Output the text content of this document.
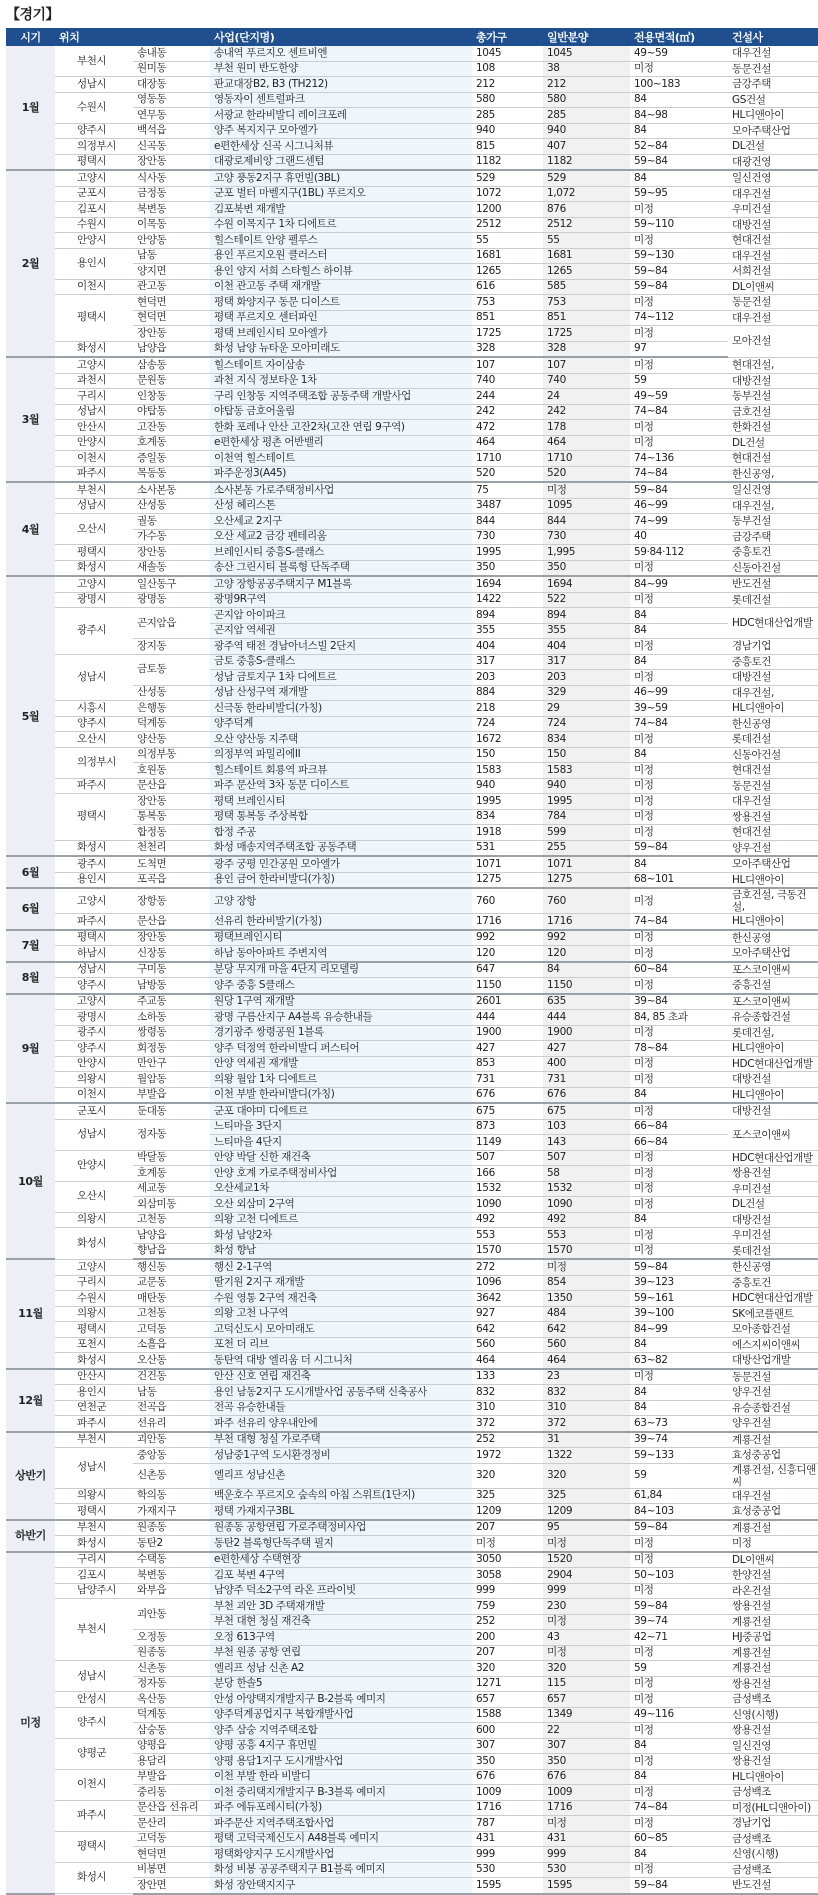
【경기】
시기	위치		사업(단지명)	총가구	일반분양	전용면적(㎡)	건설사
1월	부천시	송내동	송내역 푸르지오 센트비엔	1045	1045	49~59	대우건설
		원미동	부천 원미 반도한양	108	38	미정	동문건설
	성남시	대장동	판교대장B2, B3 (TH212)	212	212	100~183	금강주택
	수원시	영동동	영동자이 센트럴파크	580	580	84	GS건설
		연무동	서광교 한라비발디 레이크포레	285	285	84~98	HL디앤아이
	양주시	백석읍	양주 복지지구 모아엘가	940	940	84	모아주택산업
	의정부시	신곡동	e편한세상 신곡 시그니처뷰	815	407	52~84	DL건설
	평택시	장안동	대광로제비앙 그랜드센텀	1182	1182	59~84	대광건영
2월	고양시	식사동	고양 풍동2지구 휴먼빌(3BL)	529	529	84	일신건영
	군포시	금정동	군포 벌터 마벨지구(1BL) 푸르지오	1072	1,072	59~95	대우건설
	김포시	북변동	김포북변 재개발	1200	876	미정	우미건설
	수원시	이목동	수원 이목지구 1차 디에트르	2512	2512	59~110	대방건설
	안양시	안양동	힐스테이트 안양 펠루스	55	55	미정	현대건설
	용인시	남동	용인 푸르지오원 클러스터	1681	1681	59~130	대우건설
		양지면	용인 양지 서희 스타힐스 하이뷰	1265	1265	59~84	서희건설
	이천시	관고동	이천 관고동 주택 재개발	616	585	59~84	DL이앤씨
	평택시	현덕면	평택 화양지구 동문 디이스트	753	753	미정	동문건설
		현덕면	평택 푸르지오 센터파인	851	851	74~112	대우건설
		장안동	평택 브레인시티 모아엘가	1725	1725	미정	모아건설
	화성시	남양읍	화성 남양 뉴타운 모아미래도	328	328	97	
3월	고양시	삼송동	힐스테이트 자이삼송	107	107	미정	현대건설,
	과천시	문원동	과천 지식 정보타운 1차	740	740	59	대방건설
	구리시	인창동	구리 인창동 지역주택조합 공동주택 개발사업	244	24	49~59	동부건설
	성남시	야탑동	야탑동 금호어울림	242	242	74~84	금호건설
	안산시	고잔동	한화 포레나 안산 고잔2차(고잔 연립 9구역)	472	178	미정	한화건설
	안양시	호계동	e편한세상 평촌 어반밸리	464	464	미정	DL건설
	이천시	증일동	이천역 힐스테이트	1710	1710	74~136	현대건설
	파주시	목동동	파주운정3(A45)	520	520	74~84	한신공영,
4월	부천시	소사본동	소사본동 가로주택정비사업	75	미정	59~84	일신건영
	성남시	산성동	산성 헤리스톤	3487	1095	46~99	대우건설,
	오산시	궐동	오산세교 2지구	844	844	74~99	동부건설
		가수동	오산 세교2 금강 펜테리움	730	730	40	금강주택
	평택시	장안동	브레인시티 중흥S-클래스	1995	1,995	59·84·112	중흥토건
	화성시	새솔동	송산 그린시티 블록형 단독주택	350	350	미정	신동아건설
5월	고양시	일산동구	고양 장항공공주택지구 M1블록	1694	1694	84~99	반도건설
	광명시	광명동	광명9R구역	1422	522	미정	롯데건설
	광주시	곤지암읍	곤지암 아이파크	894	894	84	HDC현대산업개발
			곤지암 역세권	355	355	84	
		장지동	광주역 태전 경남아너스빌 2단지	404	404	미정	경남기업
	성남시	금토동	금토 중흥S-클래스	317	317	84	중흥토건
			성남 금토지구 1차 디에트르	203	203	미정	대방건설
		산성동	성남 산성구역 재개발	884	329	46~99	대우건설,
	시흥시	은행동	신극동 한라비발디(가칭)	218	29	39~59	HL디앤아이
	양주시	덕계동	양주덕계	724	724	74~84	한신공영
	오산시	양산동	오산 양산동 지주택	1672	834	미정	롯데건설
	의정부시	의정부동	의정부역 파밀리에II	150	150	84	신동아건설
		호원동	힐스테이트 회룡역 파크뷰	1583	1583	미정	현대건설
	파주시	문산읍	파주 문산역 3차 동문 디이스트	940	940	미정	동문건설
	평택시	장안동	평택 브레인시티	1995	1995	미정	대우건설
		통복동	평택 통복동 주상복합	834	784	미정	쌍용건설
		합정동	합정 주공	1918	599	미정	현대건설
	화성시	천천리	화성 매송지역주택조합 공동주택	531	255	59~84	양우건설
6월	광주시	도척면	광주 궁평 민간공원 모아엘가	1071	1071	84	모아주택산업
	용인시	포곡읍	용인 금어 한라비발디(가칭)	1275	1275	68~101	HL디앤아이
6월	고양시	장항동	고양 장항	760	760	미정	금호건설, 극동건설,
	파주시	문산읍	선유리 한라비발기(가칭)	1716	1716	74~84	HL디앤아이
7월	평택시	장안동	평택브레인시티	992	992	미정	한신공영
	하남시	신장동	하남 동아아파트 주변지역	120	120	미정	모아주택산업
8월	성남시	구미동	분당 무지개 마을 4단지 리모델링	647	84	60~84	포스코이앤씨
	양주시	남방동	양주 중흥 S클래스	1150	1150	미정	중흥건설
9월	고양시	주교동	원당 1구역 재개발	2601	635	39~84	포스코이앤씨
	광명시	소하동	광명 구름산지구 A4블록 유승한내들	444	444	84, 85 초과	유승종합건설
	광주시	쌍령동	경기광주 쌍령공원 1블록	1900	1900	미정	롯데건설,
	양주시	회정동	양주 덕정역 한라비발디 퍼스티어	427	427	78~84	HL디앤아이
	안양시	만안구	안양 역세권 재개발	853	400	미정	HDC현대산업개발
	의왕시	월암동	의왕 월암 1차 디에트르	731	731	미정	대방건설
	이천시	부발읍	이천 부발 한라비발디(가칭)	676	676	84	HL디앤아이
10월	군포시	둔대동	군포 대야미 디에트르	675	675	미정	대방건설
	성남시	정자동	느티마을 3단지	873	103	66~84	포스코이앤씨
			느티마을 4단지	1149	143	66~84	
	안양시	박달동	안양 박달 신한 재건축	507	507	미정	HDC현대산업개발
		호계동	안양 호계 가로주택정비사업	166	58	미정	쌍용건설
	오산시	세교동	오산세교1차	1532	1532	미정	우미건설
		외삼미동	오산 외삼미 2구역	1090	1090	미정	DL건설
	의왕시	고천동	의왕 고천 디에트르	492	492	84	대방건설
	화성시	남양읍	화성 남양2차	553	553	미정	우미건설
		향남읍	화성 향남	1570	1570	미정	롯데건설
11월	고양시	행신동	행신 2-1구역	272	미정	59~84	한신공영
	구리시	교문동	딸기원 2지구 재개발	1096	854	39~123	중흥토건
	수원시	매탄동	수원 영통 2구역 재건축	3642	1350	59~161	HDC현대산업개발
	의왕시	고천동	의왕 고천 나구역	927	484	39~100	SK에코플랜트
	평택시	고덕동	고덕신도시 모아미래도	642	642	84~99	모아종합건설
	포천시	소흘읍	포천 더 리브	560	560	84	에스지씨이앤씨
	화성시	오산동	동탄역 대방 엘리움 더 시그니처	464	464	63~82	대방산업개발
12월	안산시	건건동	안산 신호 연립 재건축	133	23	미정	동문건설
	용인시	남동	용인 남동2지구 도시개발사업 공동주택 신축공사	832	832	84	양우건설
	연천군	전곡읍	전곡 유승한내들	310	310	84	유승종합건설
	파주시	선유리	파주 선유리 양우내안에	372	372	63~73	양우건설
상반기	부천시	괴안동	부천 대형 청실 가로주택	252	31	39~74	계룡건설
	성남시	중앙동	성남중1구역 도시환경정비	1972	1322	59~133	효성중공업
		신촌동	엘리프 성남신촌	320	320	59	계룡건설, 신흥디앤씨
	의왕시	학의동	백운호수 푸르지오 숲속의 아침 스위트(1단지)	325	325	61,84	대우건설
	평택시	가재지구	평택 가재지구3BL	1209	1209	84~103	효성중공업
하반기	부천시	원종동	원종동 공항연립 가로주택정비사업	207	95	59~84	계룡건설
	화성시	동탄2	동탄2 블록형단독주택 필지	미정	미정	미정	미정
미정	구리시	수택동	e편한세상 수택현장	3050	1520	미정	DL이앤씨
	김포시	북변동	김포 북변 4구역	3058	2904	50~103	한양건설
	남양주시	와부읍	남양주 덕소2구역 라온 프라이빗	999	999	미정	라온건설
	부천시	괴안동	부천 괴안 3D 주택재개발	759	230	59~84	쌍용건설
			부천 대현 청실 재건축	252	미정	39~74	계룡건설
		오정동	오정 613구역	200	43	42~71	HJ중공업
		원종동	부천 원종 공항 연립	207	미정	미정	계룡건설
	성남시	신촌동	엘리프 성남 신촌 A2	320	320	59	계룡건설
		정자동	분당 한솔5	1271	115	미정	쌍용건설
	안성시	옥산동	안성 아양택지개발지구 B-2블록 예미지	657	657	미정	금성백조
	양주시	덕계동	양주덕계공업지구 복합개발사업	1588	1349	49~116	신영(시행)
		삼숭동	양주 삼숭 지역주택조합	600	22	미정	쌍용건설
	양평군	양평읍	양평 공흥 4지구 휴먼빌	307	307	84	일신건영
		용담리	양평 용담1지구 도시개발사업	350	350	미정	쌍용건설
	이천시	부발읍	이천 부발 한라 비발디	676	676	84	HL디앤아이
		중리동	이천 중리택지개발지구 B-3블록 예미지	1009	1009	미정	금성백조
	파주시	문산읍 선유리	파주 에듀포레시티(가칭)	1716	1716	74~84	미정(HL디앤아이)
		문산리	파주문산 지역주택조합사업	787	미정	미정	경남기업
	평택시	고덕동	평택 고덕국제신도시 A48블록 예미지	431	431	60~85	금성백조
		현덕면	평택화양지구 도시개발사업	999	999	84	신영(시행)
	화성시	비봉면	화성 비봉 공공주택지구 B1블록 예미지	530	530	미정	금성백조
		장안면	화성 장안택지지구	1595	1595	59~84	반도건설
